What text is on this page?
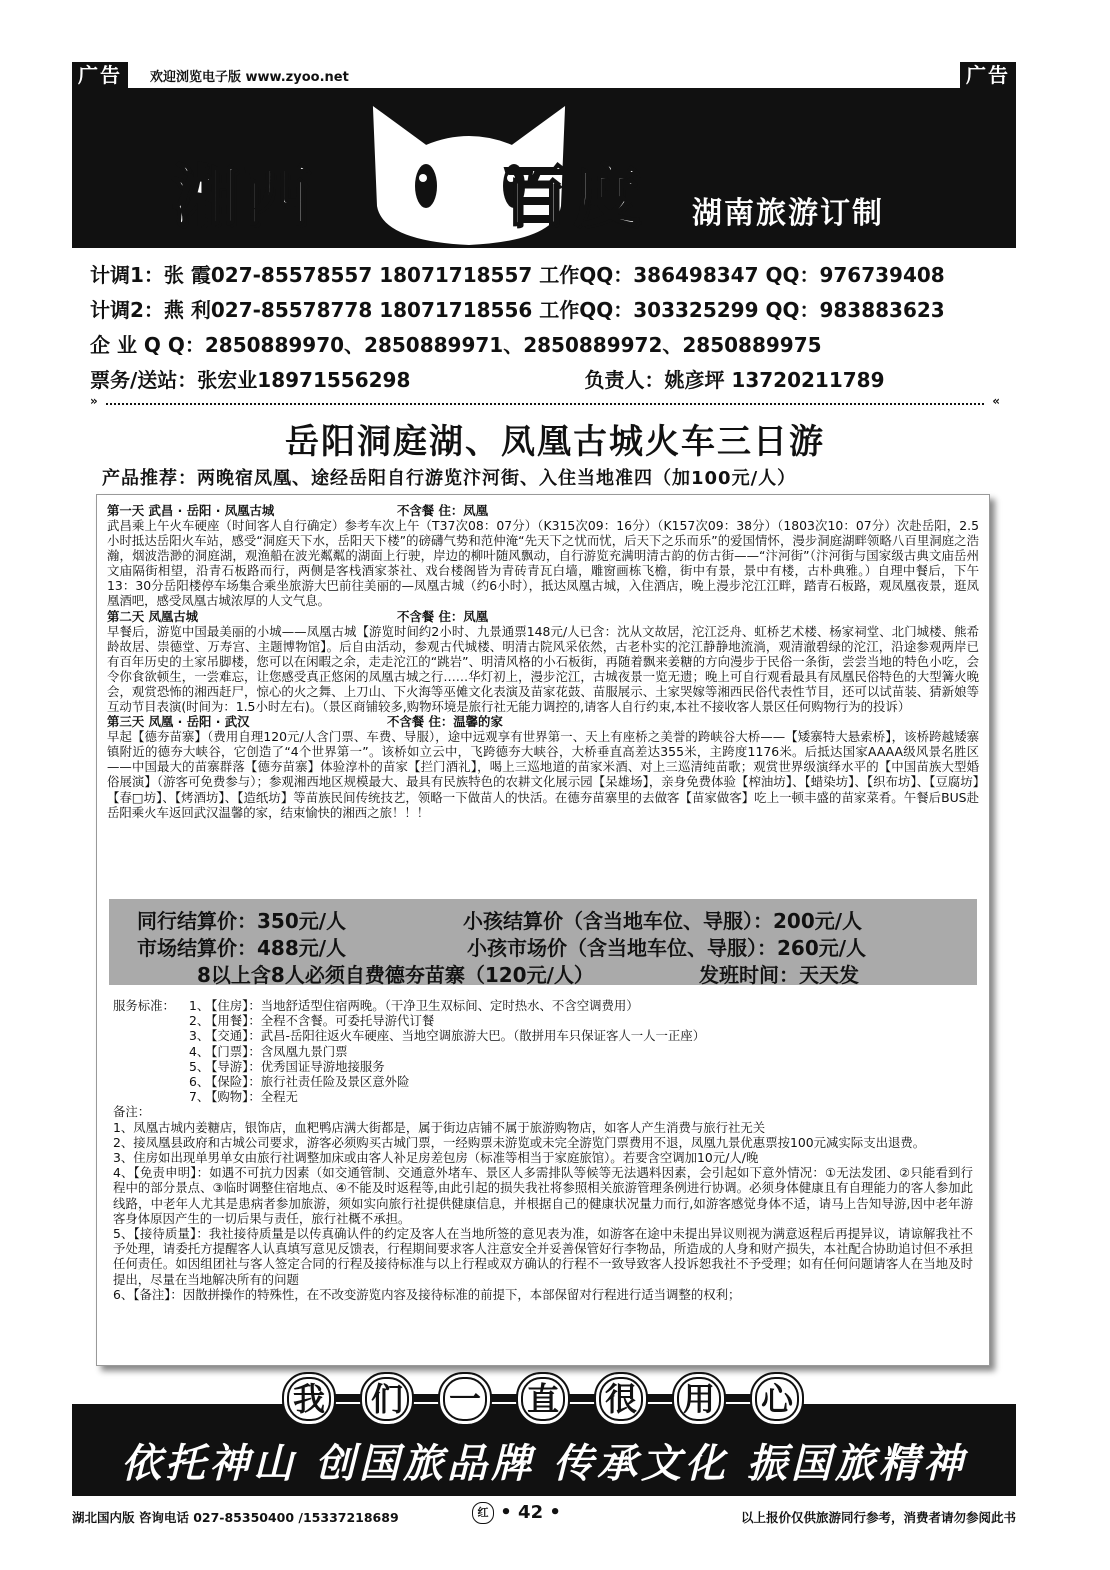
广告	欢迎浏览电子版 www.zyoo.net	广告
湘西	百度 湖南旅游订制
计调1：张 霞027-85578557 18071718557 工作QQ：386498347 QQ：976739408
计调2：燕 利027-85578778 18071718556 工作QQ：303325299 QQ：983883623
企 业 Q Q：2850889970、2850889971、2850889972、2850889975
票务/送站：张宏业18971556298                         负责人：姚彦坪 13720211789
»	«
岳阳洞庭湖、凤凰古城火车三日游
产品推荐：两晚宿凤凰、途经岳阳自行游览汴河街、入住当地准四（加100元/人）
第一天 武昌 · 岳阳 · 凤凰古城	不含餐 住：凤凰
武昌乘上午火车硬座（时间客人自行确定）参考车次上午（T37次08：07分）（K315次09：16分）（K157次09：38分）（1803次10：07分）次赴岳阳，2.5小时抵达岳阳火车站，感受“洞庭天下水，岳阳天下楼”的磅礴气势和范仲淹“先天下之忧而忧，后天下之乐而乐”的爱国情怀，漫步洞庭湖畔领略八百里洞庭之浩瀚，烟波浩渺的洞庭湖，观渔船在波光粼粼的湖面上行驶，岸边的柳叶随风飘动，自行游览充满明清古韵的仿古街——“汴河街”（汴河街与国家级古典文庙岳州文庙隔街相望，沿青石板路而行，两侧是客栈酒家茶社、戏台楼阁皆为青砖青瓦白墙，雕窗画栋飞檐，街中有景，景中有楼，古朴典雅。）自理中餐后，下午13：30分岳阳楼停车场集合乘坐旅游大巴前往美丽的—凤凰古城（约6小时），抵达凤凰古城，入住酒店，晚上漫步沱江江畔，踏青石板路，观凤凰夜景，逛凤凰酒吧，感受凤凰古城浓厚的人文气息。
第二天 凤凰古城	不含餐 住：凤凰
早餐后，游览中国最美丽的小城——凤凰古城【游览时间约2小时、九景通票148元/人已含：沈从文故居，沱江泛舟、虹桥艺术楼、杨家祠堂、北门城楼、熊希龄故居、崇德堂、万寿宫、主题博物馆】。后自由活动，参观古代城楼、明清古院风采依然，古老朴实的沱江静静地流淌，观清澈碧绿的沱江，沿途参观两岸已有百年历史的土家吊脚楼，您可以在闲暇之余，走走沱江的“跳岩”、明清风格的小石板街，再随着飘来姜糖的方向漫步于民俗一条街，尝尝当地的特色小吃，会令你食欲顿生，一尝难忘，让您感受真正悠闲的凤凰古城之行……华灯初上，漫步沱江，古城夜景一览无遗；晚上可自行观看最具有凤凰民俗特色的大型篝火晚会，观赏恐怖的湘西赶尸，惊心的火之舞、上刀山、下火海等巫傩文化表演及苗家花鼓、苗服展示、土家哭嫁等湘西民俗代表性节目，还可以试苗装、猜新娘等互动节目表演(时间为：1.5小时左右)。（景区商铺较多,购物环境是旅行社无能力调控的,请客人自行约束,本社不接收客人景区任何购物行为的投诉）
第三天 凤凰 · 岳阳 · 武汉	不含餐 住：温馨的家
早起【德夯苗寨】（费用自理120元/人含门票、车费、导服），途中远观享有世界第一、天上有座桥之美誉的跨峡谷大桥——【矮寨特大悬索桥】，该桥跨越矮寨镇附近的德夯大峡谷，它创造了“4个世界第一”。该桥如立云中，飞跨德夯大峡谷，大桥垂直高差达355米，主跨度1176米。后抵达国家AAAA级风景名胜区——中国最大的苗寨群落【德夯苗寨】体验淳朴的苗家【拦门酒礼】，喝上三巡地道的苗家米酒、对上三巡清纯苗歌；观赏世界级演绎水平的【中国苗族大型婚俗展演】（游客可免费参与）；参观湘西地区规模最大、最具有民族特色的农耕文化展示园【呆雄场】，亲身免费体验【榨油坊】、【蜡染坊】、【织布坊】、【豆腐坊】【春□坊】、【烤酒坊】、【造纸坊】等苗族民间传统技艺，领略一下做苗人的快活。在德夯苗寨里的去做客【苗家做客】吃上一顿丰盛的苗家菜肴。午餐后BUS赴岳阳乘火车返回武汉温馨的家，结束愉快的湘西之旅！！！
同行结算价：350元/人	小孩结算价（含当地车位、导服）：200元/人
市场结算价：488元/人	小孩市场价（含当地车位、导服）：260元/人
8以上含8人必须自费德夯苗寨（120元/人）	发班时间：天天发
服务标准： 1、
【住房】：当地舒适型住宿两晚。（干净卫生双标间、定时热水、不含空调费用）
2、
【用餐】：全程不含餐。可委托导游代订餐
3、
【交通】：武昌-岳阳往返火车硬座、当地空调旅游大巴。（散拼用车只保证客人一人一正座）
4、
【门票】：含凤凰九景门票
5、
【导游】：优秀国证导游地接服务
6、
【保险】：旅行社责任险及景区意外险
7、
【购物】：全程无
备注：
1、凤凰古城内姜糖店，银饰店，血粑鸭店满大街都是，属于街边店铺不属于旅游购物店，如客人产生消费与旅行社无关
2、接凤凰县政府和古城公司要求，游客必须购买古城门票，一经购票未游览或未完全游览门票费用不退，凤凰九景优惠票按100元减实际支出退费。
3、住房如出现单男单女由旅行社调整加床或由客人补足房差包房（标准等相当于家庭旅馆）。若要含空调加10元/人/晚
4、【免责申明】：如遇不可抗力因素（如交通管制、交通意外堵车、景区人多需排队等候等无法遇料因素，会引起如下意外情况：①无法发团、②只能看到行程中的部分景点、③临时调整住宿地点、④不能及时返程等,由此引起的损失我社将参照相关旅游管理条例进行协调。必须身体健康且有自理能力的客人参加此线路，中老年人尤其是患病者参加旅游，须如实向旅行社提供健康信息，并根据自己的健康状况量力而行,如游客感觉身体不适，请马上告知导游,因中老年游客身体原因产生的一切后果与责任，旅行社概不承担。
5、【接待质量】：我社接待质量是以传真确认件的约定及客人在当地所签的意见表为准，如游客在途中未提出异议则视为满意返程后再提异议，请谅解我社不予处理，请委托方提醒客人认真填写意见反馈表，行程期间要求客人注意安全并妥善保管好行李物品，所造成的人身和财产损失，本社配合协助追讨但不承担任何责任。如因组团社与客人签定合同的行程及接待标准与以上行程或双方确认的行程不一致导致客人投诉恕我社不予受理；如有任何问题请客人在当地及时提出，尽量在当地解决所有的问题
6、【备注】：因散拼操作的特殊性，在不改变游览内容及接待标准的前提下，本部保留对行程进行适当调整的权利；
依托神山 创国旅品牌 传承文化 振国旅精神
我	们	一	直	很	用	心
湖北国内版 咨询电话 027-85350400 /15337218689	红 • 42 •	以上报价仅供旅游同行参考，消费者请勿参阅此书
